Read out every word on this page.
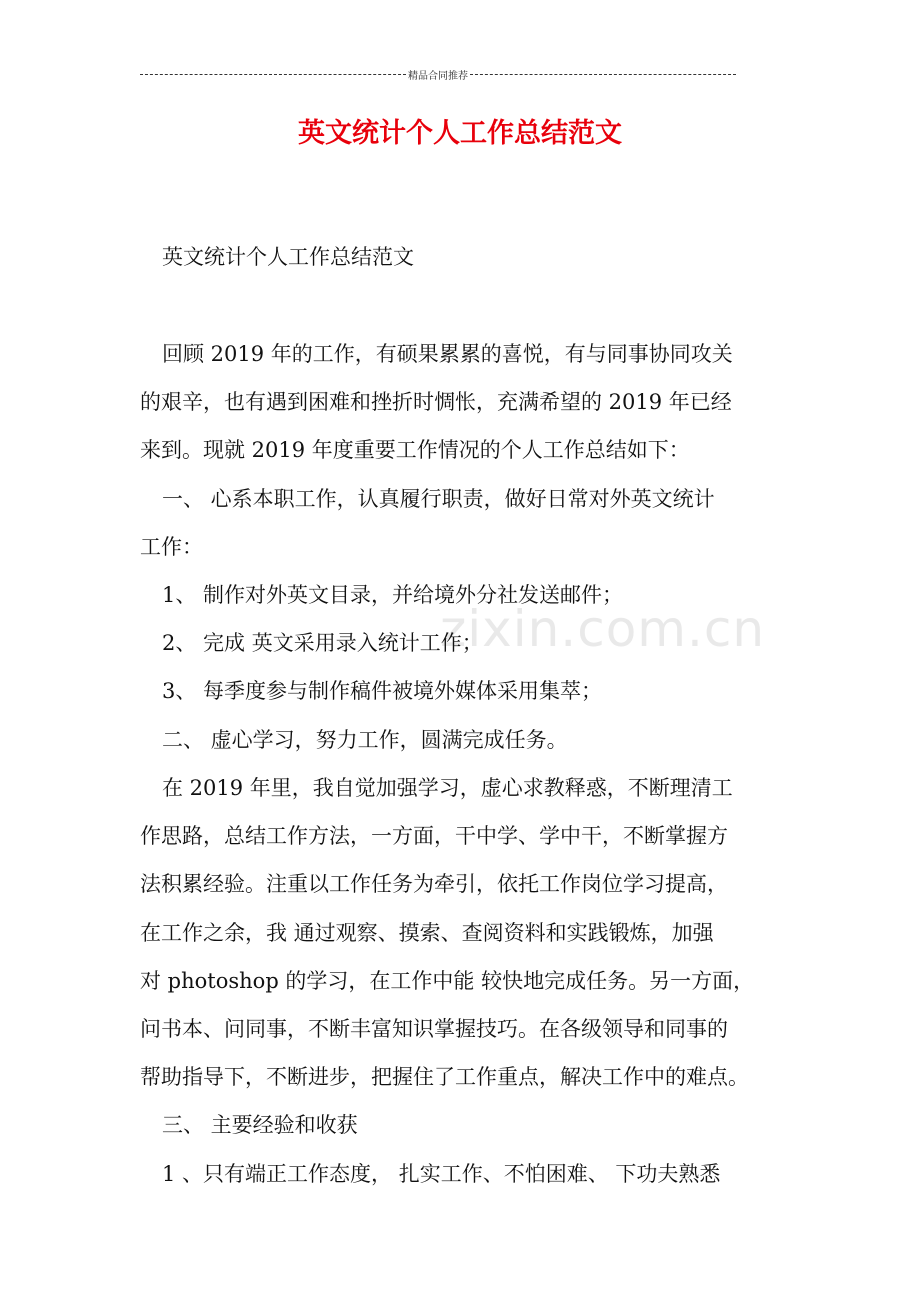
精品合同推荐
英文统计个人工作总结范文
zixin.com.cn

英文统计个人工作总结范文

回顾 2019 年的工作，有硕果累累的喜悦，有与同事协同攻关

的艰辛，也有遇到困难和挫折时惆怅，充满希望的 2019 年已经

来到。现就 2019 年度重要工作情况的个人工作总结如下：

一、 心系本职工作，认真履行职责，做好日常对外英文统计

工作：

1、 制作对外英文目录，并给境外分社发送邮件；

2、 完成 英文采用录入统计工作；

3、 每季度参与制作稿件被境外媒体采用集萃；

二、 虚心学习，努力工作，圆满完成任务。

在 2019 年里，我自觉加强学习，虚心求教释惑，不断理清工

作思路，总结工作方法，一方面，干中学、学中干，不断掌握方

法积累经验。注重以工作任务为牵引，依托工作岗位学习提高，

在工作之余，我 通过观察、摸索、查阅资料和实践锻炼，加强

对 photoshop 的学习，在工作中能 较快地完成任务。另一方面，

问书本、问同事，不断丰富知识掌握技巧。在各级领导和同事的

帮助指导下，不断进步，把握住了工作重点，解决工作中的难点。

三、 主要经验和收获

1 、只有端正工作态度， 扎实工作、不怕困难、 下功夫熟悉
